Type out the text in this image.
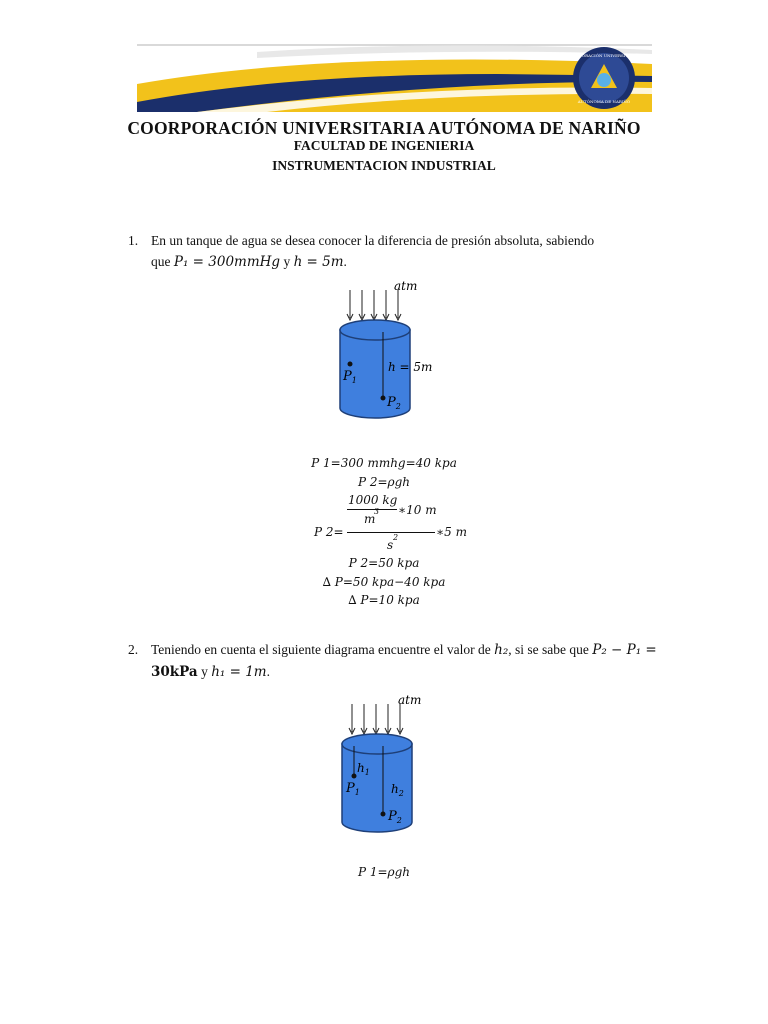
CORPORACIÓN UNIVERSITARIA
AUTÓNOMA DE NARIÑO
COORPORACIÓN UNIVERSITARIA AUTÓNOMA DE NARIÑO
FACULTAD DE INGENIERIA
INSTRUMENTACION INDUSTRIAL
1. En un tanque de agua se desea conocer la diferencia de presión absoluta, sabiendo
que P₁ = 300mmHg y h = 5m.
atm
$P_1$
h = 5m
$P_2$
P 1=300 mmhg=40 kpa
P 2=ρgh
1000 kg
m
3 ∗10 m
P 2=
s
2	∗5 m
P 2=50 kpa
∆ P=50 kpa−40 kpa
∆ P=10 kpa
2. Teniendo en cuenta el siguiente diagrama encuentre el valor de h₂, si se sabe que P₂ − P₁ =
30kPa y h₁ = 1m.
atm
$h_1$
$P_1$	$h_2$
$P_2$
P 1=ρgh
